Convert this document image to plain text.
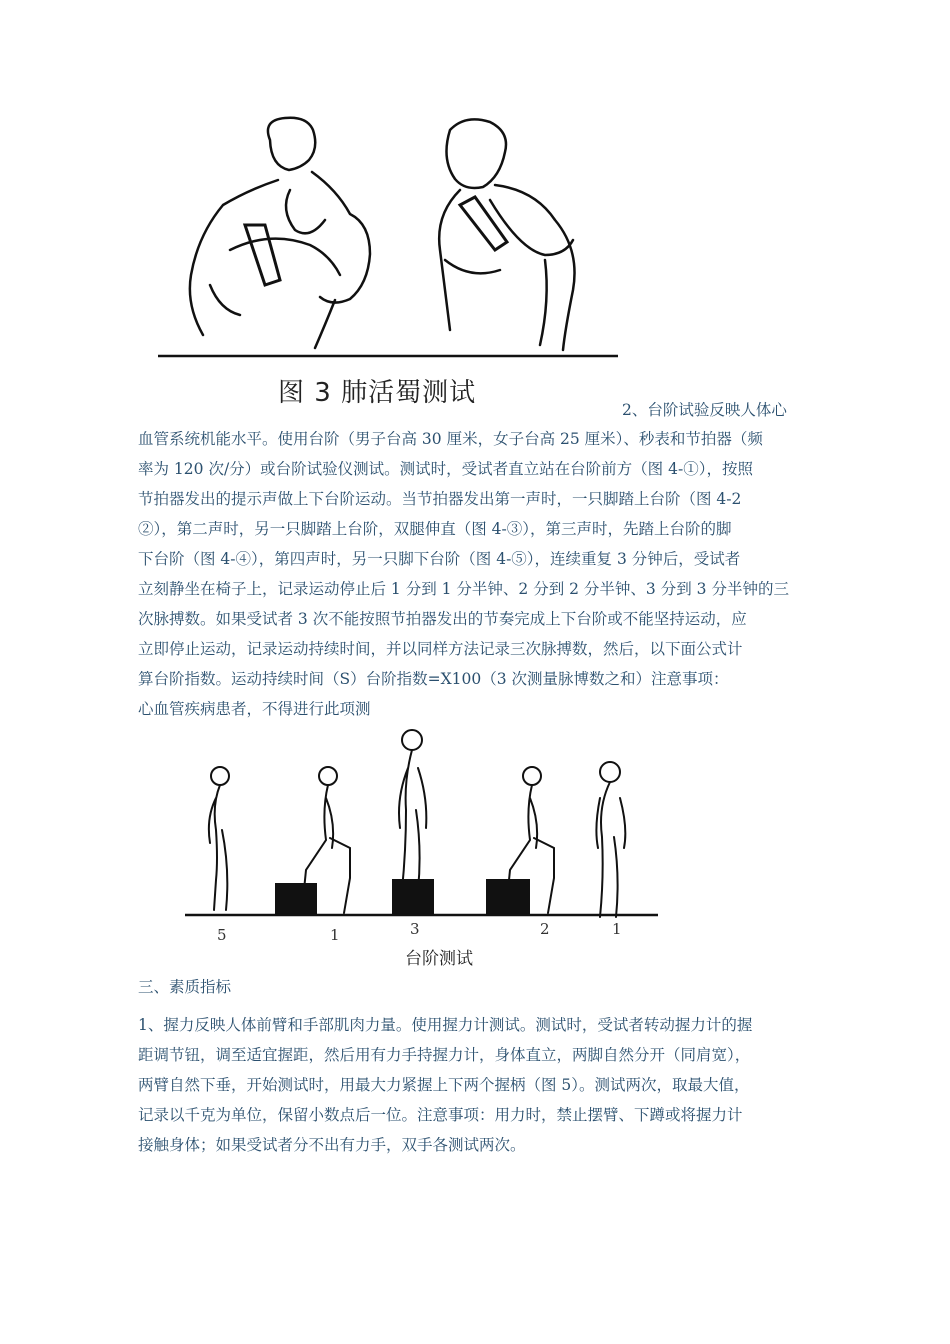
图 3 肺活蜀测试
2、台阶试验反映人体心
血管系统机能水平。使用台阶（男子台高 30 厘米，女子台高 25 厘米）、秒表和节拍器（频
率为 120 次/分）或台阶试验仪测试。测试时，受试者直立站在台阶前方（图 4-①），按照
节拍器发出的提示声做上下台阶运动。当节拍器发出第一声时，一只脚踏上台阶（图 4-2
②），第二声时，另一只脚踏上台阶，双腿伸直（图 4-③），第三声时，先踏上台阶的脚
下台阶（图 4-④），第四声时，另一只脚下台阶（图 4-⑤），连续重复 3 分钟后，受试者
立刻静坐在椅子上，记录运动停止后 1 分到 1 分半钟、2 分到 2 分半钟、3 分到 3 分半钟的三
次脉搏数。如果受试者 3 次不能按照节拍器发出的节奏完成上下台阶或不能坚持运动，应
立即停止运动，记录运动持续时间，并以同样方法记录三次脉搏数，然后，以下面公式计
算台阶指数。运动持续时间（S）台阶指数=X100（3 次测量脉博数之和）注意事项：
心血管疾病患者，不得进行此项测
5	1	3	2	1
台阶测试
三、素质指标
1、握力反映人体前臂和手部肌肉力量。使用握力计测试。测试时，受试者转动握力计的握
距调节钮，调至适宜握距，然后用有力手持握力计，身体直立，两脚自然分开（同肩宽），
两臂自然下垂，开始测试时，用最大力紧握上下两个握柄（图 5）。测试两次，取最大值，
记录以千克为单位，保留小数点后一位。注意事项：用力时，禁止摆臂、下蹲或将握力计
接触身体；如果受试者分不出有力手，双手各测试两次。
